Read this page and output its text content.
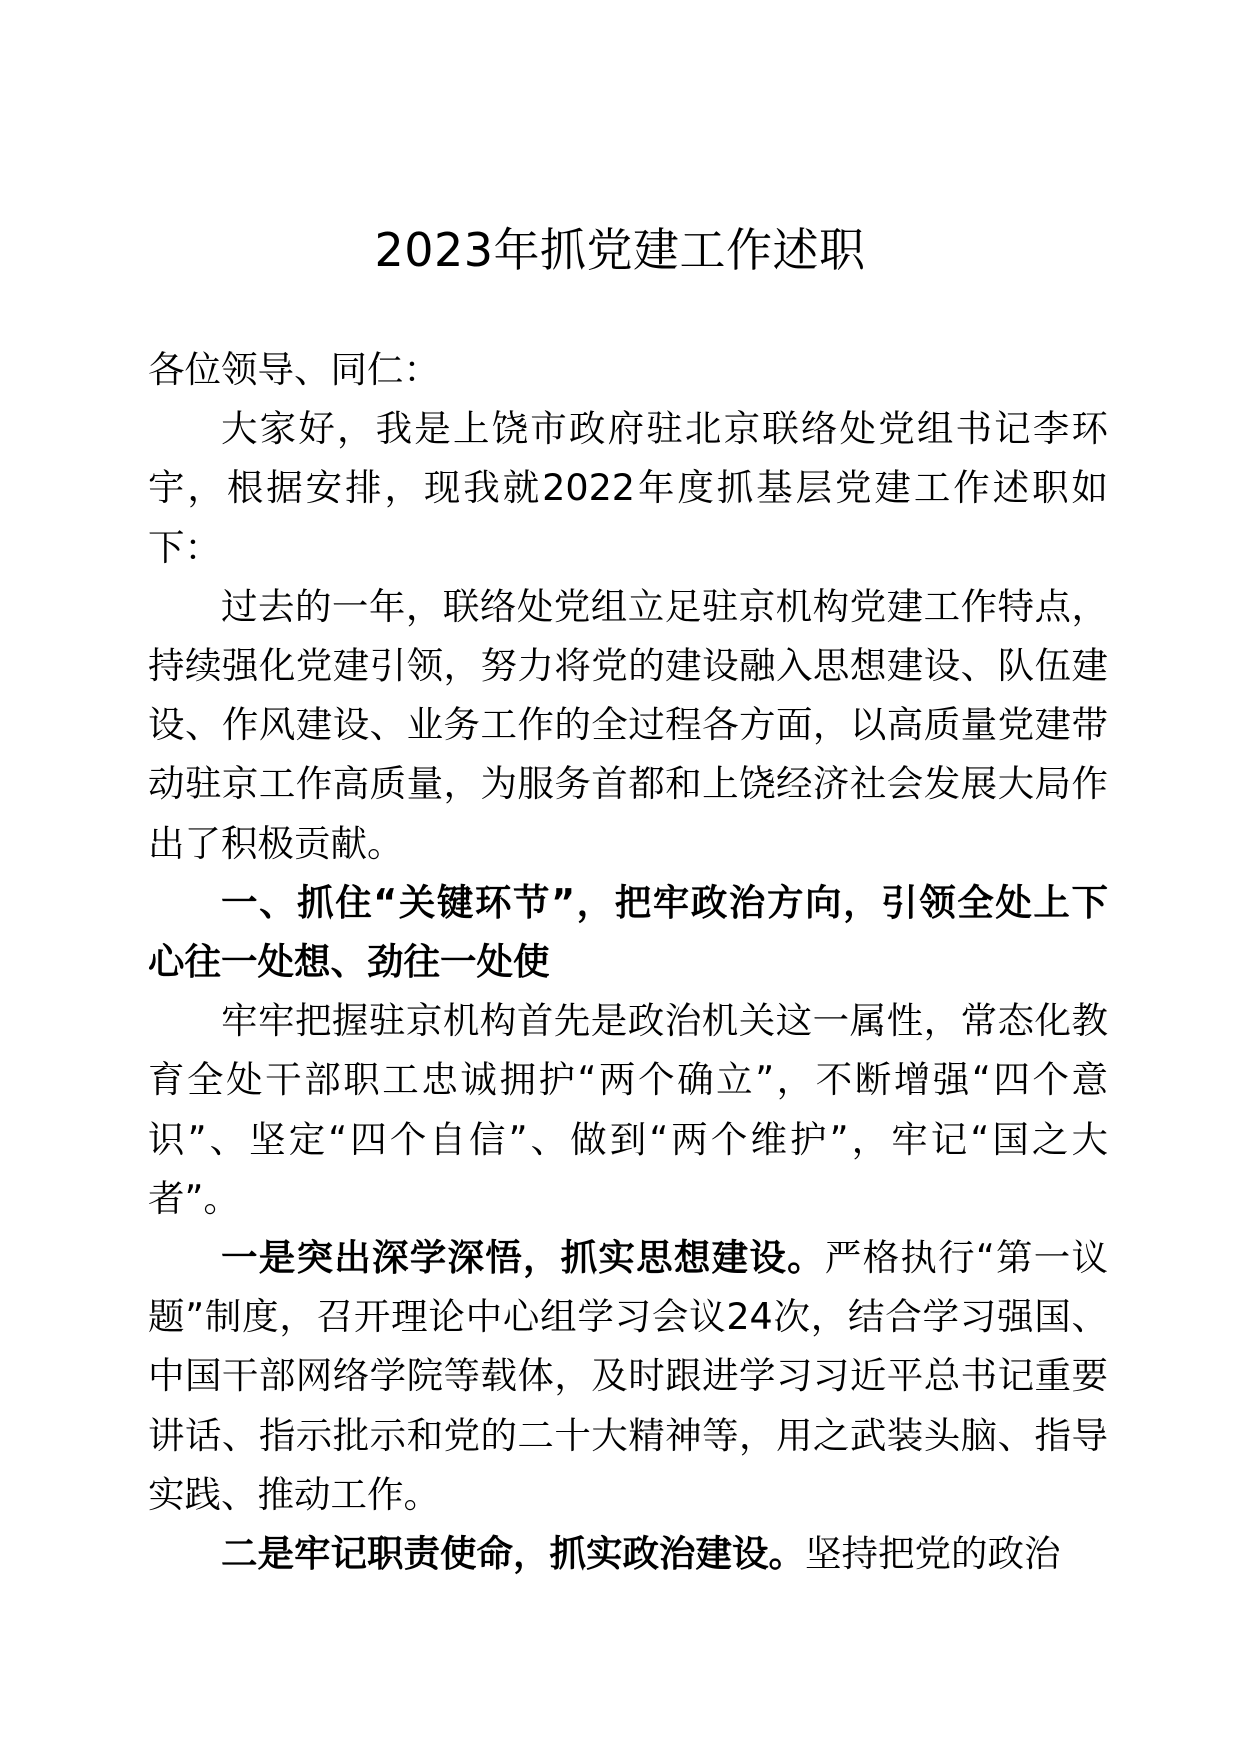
2023年抓党建工作述职

各位领导、同仁：

大家好，我是上饶市政府驻北京联络处党组书记李环宇，根据安排，现我就2022年度抓基层党建工作述职如下：

过去的一年，联络处党组立足驻京机构党建工作特点，持续强化党建引领，努力将党的建设融入思想建设、队伍建设、作风建设、业务工作的全过程各方面，以高质量党建带动驻京工作高质量，为服务首都和上饶经济社会发展大局作出了积极贡献。

一、抓住“关键环节”，把牢政治方向，引领全处上下心往一处想、劲往一处使

牢牢把握驻京机构首先是政治机关这一属性，常态化教育全处干部职工忠诚拥护“两个确立”，不断增强“四个意识”、坚定“四个自信”、做到“两个维护”，牢记“国之大者”。

一是突出深学深悟，抓实思想建设。严格执行“第一议题”制度，召开理论中心组学习会议24次，结合学习强国、中国干部网络学院等载体，及时跟进学习习近平总书记重要讲话、指示批示和党的二十大精神等，用之武装头脑、指导实践、推动工作。

二是牢记职责使命，抓实政治建设。坚持把党的政治
